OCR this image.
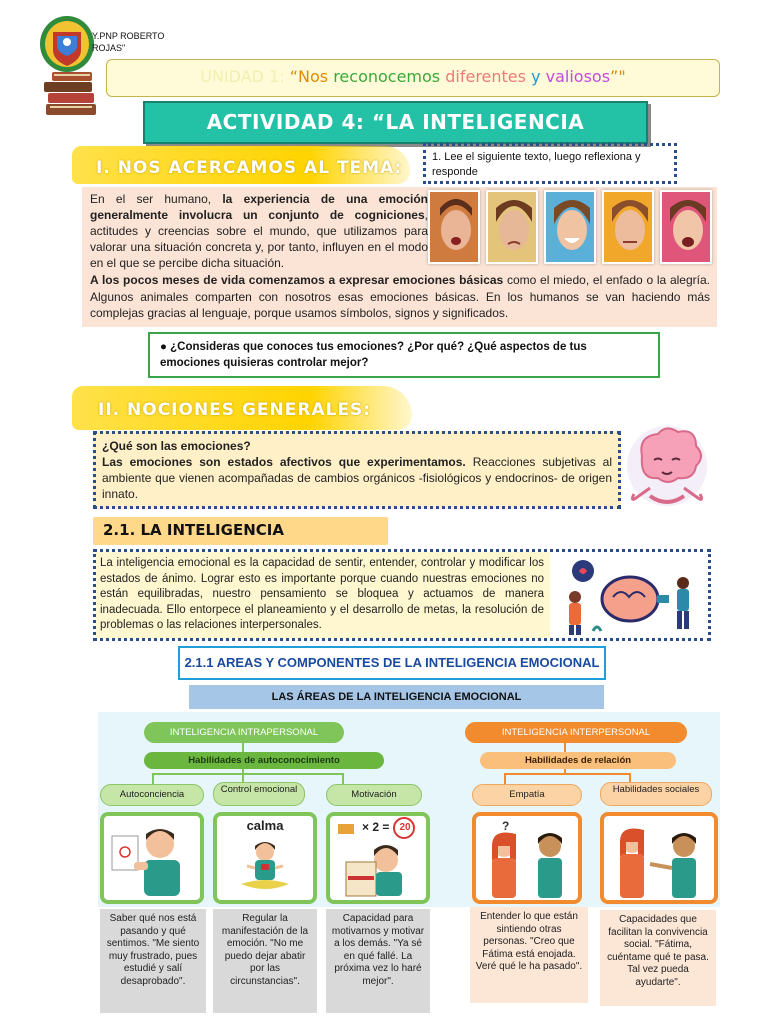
Y.PNP ROBERTO
ROJAS"
UNIDAD 1: “Nos reconocemos diferentes y valiosos”"
ACTIVIDAD 4: “LA INTELIGENCIA
I. NOS ACERCAMOS AL TEMA:
1. Lee el siguiente texto, luego reflexiona y responde
En el ser humano, la experiencia de una emoción generalmente involucra un conjunto de cogniciones, actitudes y creencias sobre el mundo, que utilizamos para valorar una situación concreta y, por tanto, influyen en el modo en el que se percibe dicha situación.
A los pocos meses de vida comenzamos a expresar emociones básicas como el miedo, el enfado o la alegría. Algunos animales comparten con nosotros esas emociones básicas. En los humanos se van haciendo más complejas gracias al lenguaje, porque usamos símbolos, signos y significados.
● ¿Consideras que conoces tus emociones? ¿Por qué? ¿Qué aspectos de tus emociones quisieras controlar mejor?
II. NOCIONES GENERALES:
¿Qué son las emociones?
Las emociones son estados afectivos que experimentamos. Reacciones subjetivas al ambiente que vienen acompañadas de cambios orgánicos -fisiológicos y endocrinos- de origen innato.
2.1. LA INTELIGENCIA
La inteligencia emocional es la capacidad de sentir, entender, controlar y modificar los estados de ánimo. Lograr esto es importante porque cuando nuestras emociones no están equilibradas, nuestro pensamiento se bloquea y actuamos de manera inadecuada. Ello entorpece el planeamiento y el desarrollo de metas, la resolución de problemas o las relaciones interpersonales.
2.1.1 AREAS Y COMPONENTES DE LA INTELIGENCIA EMOCIONAL
LAS ÁREAS DE LA INTELIGENCIA EMOCIONAL
INTELIGENCIA INTRAPERSONAL
Habilidades de autoconocimiento
Autoconciencia	Control emocional	Motivación
INTELIGENCIA INTERPERSONAL
Habilidades de relación
Empatía	Habilidades sociales
calma	× 2 =	20	?
Saber qué nos está pasando y qué sentimos. "Me siento muy frustrado, pues estudié y salí desaprobado".
Regular la manifestación de la emoción. "No me puedo dejar abatir por las circunstancias".
Capacidad para motivarnos y motivar a los demás. "Ya sé en qué fallé. La próxima vez lo haré mejor".
Entender lo que están sintiendo otras personas. "Creo que Fátima está enojada. Veré qué le ha pasado".
Capacidades que facilitan la convivencia social. "Fátima, cuéntame qué te pasa. Tal vez pueda ayudarte".
